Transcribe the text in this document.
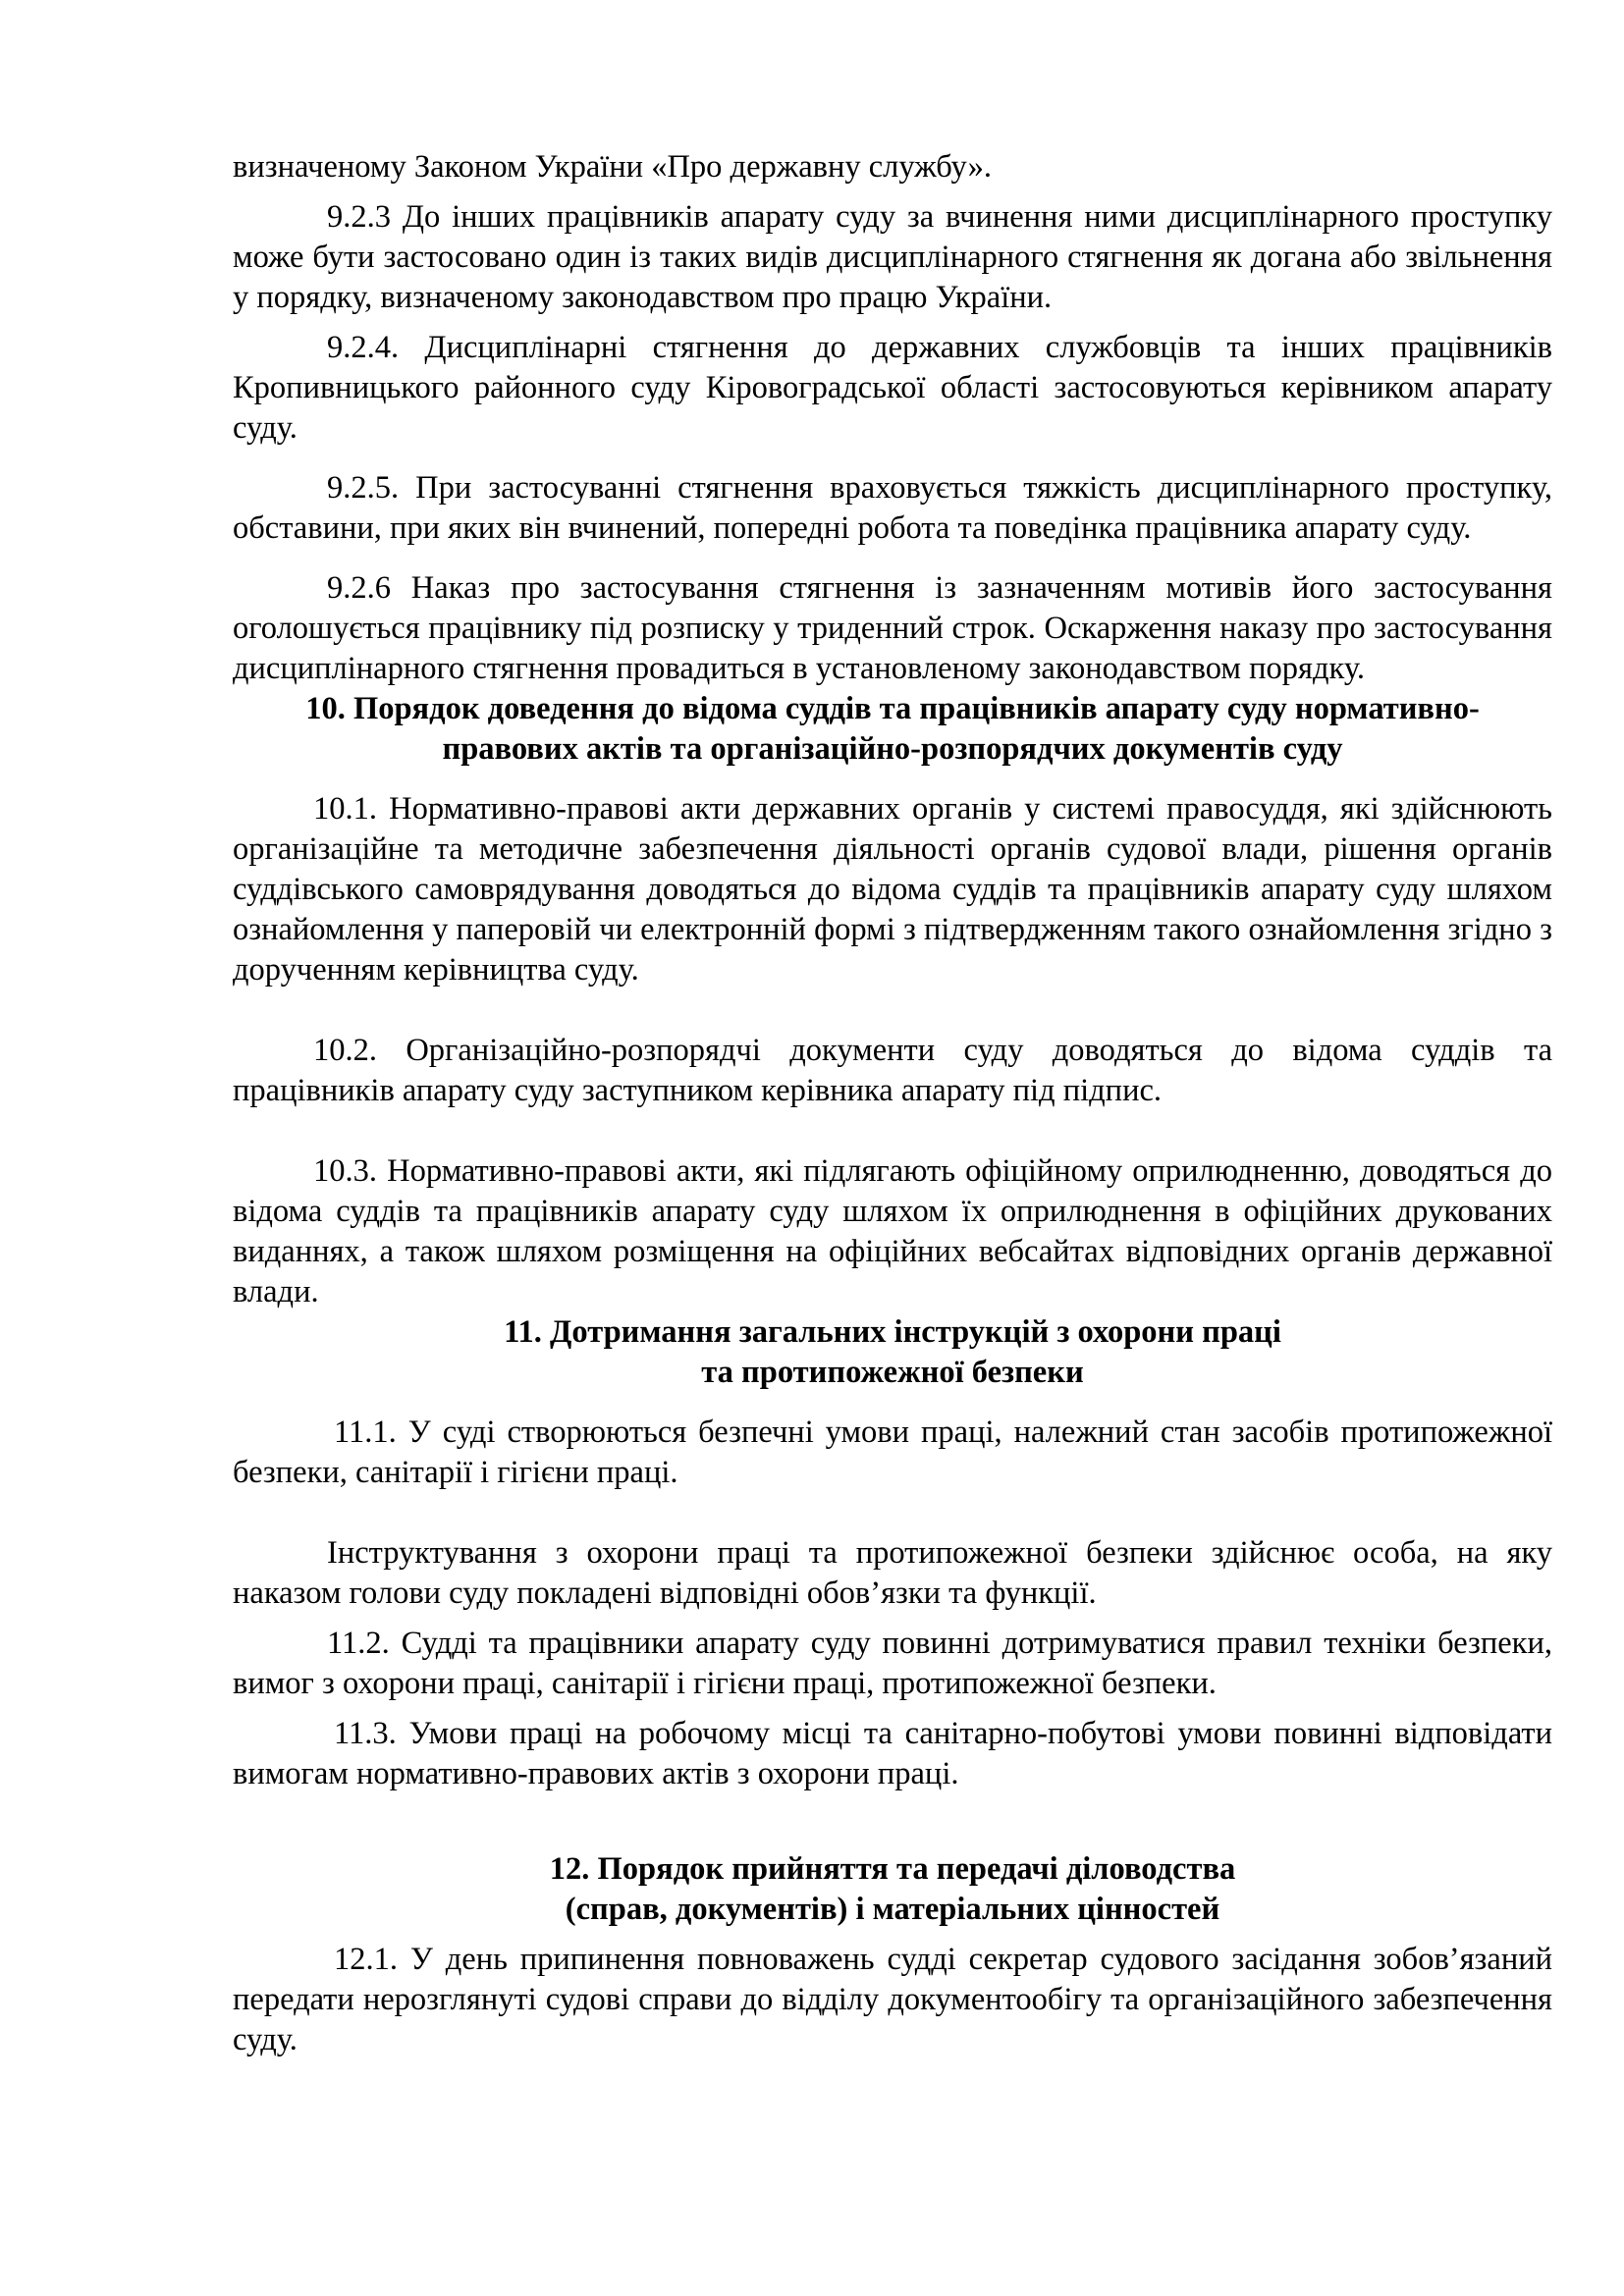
визначеному Законом України «Про державну службу».

9.2.3 До інших працівників апарату суду за вчинення ними дисциплінарного проступку може бути застосовано один із таких видів дисциплінарного стягнення як догана або звільнення у порядку, визначеному законодавством про працю України.

9.2.4. Дисциплінарні стягнення до державних службовців та інших працівників Кропивницького районного суду Кіровоградської області застосовуються керівником апарату суду.

9.2.5. При застосуванні стягнення враховується тяжкість дисциплінарного проступку, обставини, при яких він вчинений, попередні робота та поведінка працівника апарату суду.

9.2.6 Наказ про застосування стягнення із зазначенням мотивів його застосування оголошується працівнику під розписку у триденний строк. Оскарження наказу про застосування дисциплінарного стягнення провадиться в установленому законодавством порядку.

10. Порядок доведення до відома суддів та працівників апарату суду нормативно-
правових актів та організаційно-розпорядчих документів суду

10.1. Нормативно-правові акти державних органів у системі правосуддя, які здійснюють організаційне та методичне забезпечення діяльності органів судової влади, рішення органів суддівського самоврядування доводяться до відома суддів та працівників апарату суду шляхом ознайомлення у паперовій чи електронній формі з підтвердженням такого ознайомлення згідно з дорученням керівництва суду.

10.2. Організаційно-розпорядчі документи суду доводяться до відома суддів та працівників апарату суду заступником керівника апарату під підпис.

10.3. Нормативно-правові акти, які підлягають офіційному оприлюдненню, доводяться до відома суддів та працівників апарату суду шляхом їх оприлюднення в офіційних друкованих виданнях, а також шляхом розміщення на офіційних вебсайтах відповідних органів державної влади.

11. Дотримання загальних інструкцій з охорони праці
та протипожежної безпеки

11.1. У суді створюються безпечні умови праці, належний стан засобів протипожежної безпеки, санітарії і гігієни праці.

Інструктування з охорони праці та протипожежної безпеки здійснює особа, на яку наказом голови суду покладені відповідні обов’язки та функції.

11.2. Судді та працівники апарату суду повинні дотримуватися правил техніки безпеки, вимог з охорони праці, санітарії і гігієни праці, протипожежної безпеки.

11.3. Умови праці на робочому місці та санітарно-побутові умови повинні відповідати вимогам нормативно-правових актів з охорони праці.

12. Порядок прийняття та передачі діловодства
(справ, документів) і матеріальних цінностей

12.1. У день припинення повноважень судді секретар судового засідання зобов’язаний передати нерозглянуті судові справи до відділу документообігу та організаційного забезпечення суду.
